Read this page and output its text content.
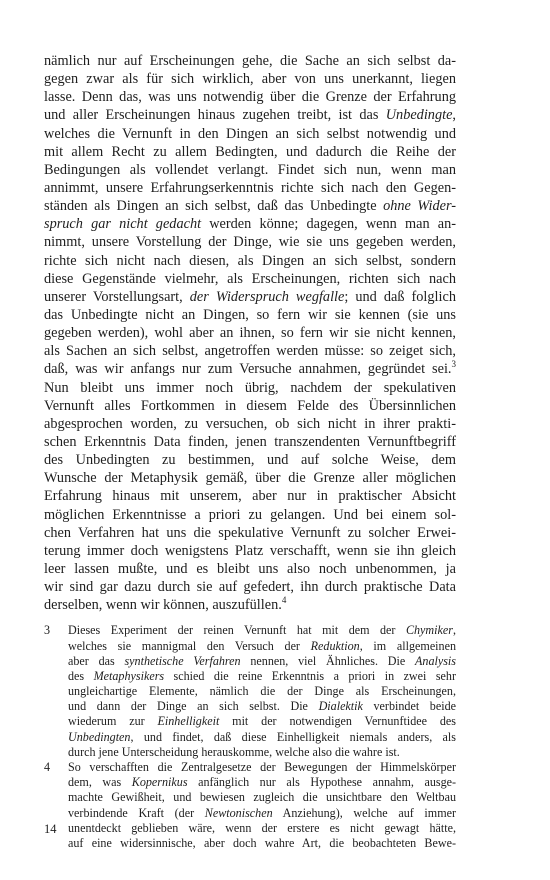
nämlich nur auf Erscheinungen gehe, die Sache an sich selbst da-
gegen zwar als für sich wirklich, aber von uns unerkannt, liegen
lasse. Denn das, was uns notwendig über die Grenze der Erfahrung
und aller Erscheinungen hinaus zugehen treibt, ist das Unbedingte,
welches die Vernunft in den Dingen an sich selbst notwendig und
mit allem Recht zu allem Bedingten, und dadurch die Reihe der
Bedingungen als vollendet verlangt. Findet sich nun, wenn man
annimmt, unsere Erfahrungserkenntnis richte sich nach den Gegen-
ständen als Dingen an sich selbst, daß das Unbedingte ohne Wider-
spruch gar nicht gedacht werden könne; dagegen, wenn man an-
nimmt, unsere Vorstellung der Dinge, wie sie uns gegeben werden,
richte sich nicht nach diesen, als Dingen an sich selbst, sondern
diese Gegenstände vielmehr, als Erscheinungen, richten sich nach
unserer Vorstellungsart, der Widerspruch wegfalle; und daß folglich
das Unbedingte nicht an Dingen, so fern wir sie kennen (sie uns
gegeben werden), wohl aber an ihnen, so fern wir sie nicht kennen,
als Sachen an sich selbst, angetroffen werden müsse: so zeiget sich,
daß, was wir anfangs nur zum Versuche annahmen, gegründet sei.$^3$
Nun bleibt uns immer noch übrig, nachdem der spekulativen
Vernunft alles Fortkommen in diesem Felde des Übersinnlichen
abgesprochen worden, zu versuchen, ob sich nicht in ihrer prakti-
schen Erkenntnis Data finden, jenen transzendenten Vernunftbegriff
des Unbedingten zu bestimmen, und auf solche Weise, dem
Wunsche der Metaphysik gemäß, über die Grenze aller möglichen
Erfahrung hinaus mit unserem, aber nur in praktischer Absicht
möglichen Erkenntnisse a priori zu gelangen. Und bei einem sol-
chen Verfahren hat uns die spekulative Vernunft zu solcher Erwei-
terung immer doch wenigstens Platz verschafft, wenn sie ihn gleich
leer lassen mußte, und es bleibt uns also noch unbenommen, ja
wir sind gar dazu durch sie auf gefedert, ihn durch praktische Data
derselben, wenn wir können, auszufüllen.$^4$
3	Dieses Experiment der reinen Vernunft hat mit dem der Chymiker,
welches sie mannigmal den Versuch der Reduktion, im allgemeinen
aber das synthetische Verfahren nennen, viel Ähnliches. Die Analysis
des Metaphysikers schied die reine Erkenntnis a priori in zwei sehr
ungleichartige Elemente, nämlich die der Dinge als Erscheinungen,
und dann der Dinge an sich selbst. Die Dialektik verbindet beide
wiederum zur Einhelligkeit mit der notwendigen Vernunftidee des
Unbedingten, und findet, daß diese Einhelligkeit niemals anders, als
durch jene Unterscheidung herauskomme, welche also die wahre ist.
4	So verschafften die Zentralgesetze der Bewegungen der Himmelskörper
dem, was Kopernikus anfänglich nur als Hypothese annahm, ausge-
machte Gewißheit, und bewiesen zugleich die unsichtbare den Weltbau
verbindende Kraft (der Newtonischen Anziehung), welche auf immer
unentdeckt geblieben wäre, wenn der erstere es nicht gewagt hätte,
auf eine widersinnische, aber doch wahre Art, die beobachteten Bewe-
14
